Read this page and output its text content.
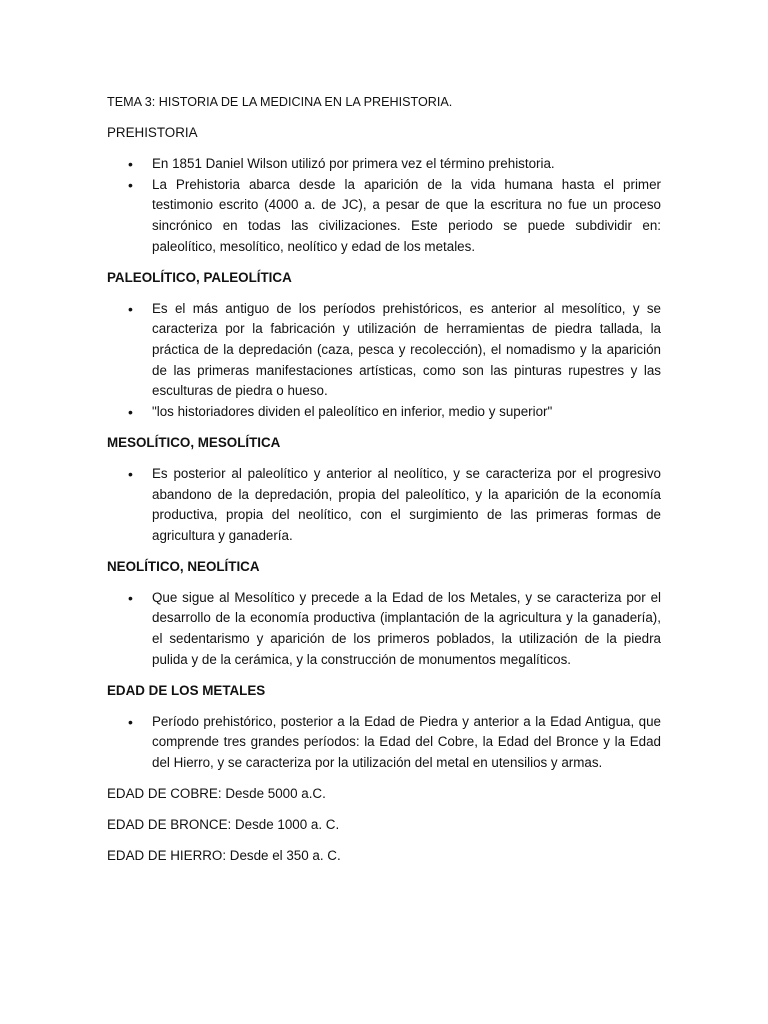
TEMA 3: HISTORIA DE LA MEDICINA EN LA PREHISTORIA.

PREHISTORIA

•	En 1851 Daniel Wilson utilizó por primera vez el término prehistoria.
•	La Prehistoria abarca desde la aparición de la vida humana hasta el primer testimonio escrito (4000 a. de JC), a pesar de que la escritura no fue un proceso sincrónico en todas las civilizaciones. Este periodo se puede subdividir en: paleolítico, mesolítico, neolítico y edad de los metales.

PALEOLÍTICO, PALEOLÍTICA

•	Es el más antiguo de los períodos prehistóricos, es anterior al mesolítico, y se caracteriza por la fabricación y utilización de herramientas de piedra tallada, la práctica de la depredación (caza, pesca y recolección), el nomadismo y la aparición de las primeras manifestaciones artísticas, como son las pinturas rupestres y las esculturas de piedra o hueso.
•	"los historiadores dividen el paleolítico en inferior, medio y superior"

MESOLÍTICO, MESOLÍTICA

•	Es posterior al paleolítico y anterior al neolítico, y se caracteriza por el progresivo abandono de la depredación, propia del paleolítico, y la aparición de la economía productiva, propia del neolítico, con el surgimiento de las primeras formas de agricultura y ganadería.

NEOLÍTICO, NEOLÍTICA

•	Que sigue al Mesolítico y precede a la Edad de los Metales, y se caracteriza por el desarrollo de la economía productiva (implantación de la agricultura y la ganadería), el sedentarismo y aparición de los primeros poblados, la utilización de la piedra pulida y de la cerámica, y la construcción de monumentos megalíticos.

EDAD DE LOS METALES

•	Período prehistórico, posterior a la Edad de Piedra y anterior a la Edad Antigua, que comprende tres grandes períodos: la Edad del Cobre, la Edad del Bronce y la Edad del Hierro, y se caracteriza por la utilización del metal en utensilios y armas.

EDAD DE COBRE: Desde 5000 a.C.

EDAD DE BRONCE: Desde 1000 a. C.

EDAD DE HIERRO: Desde el 350 a. C.
